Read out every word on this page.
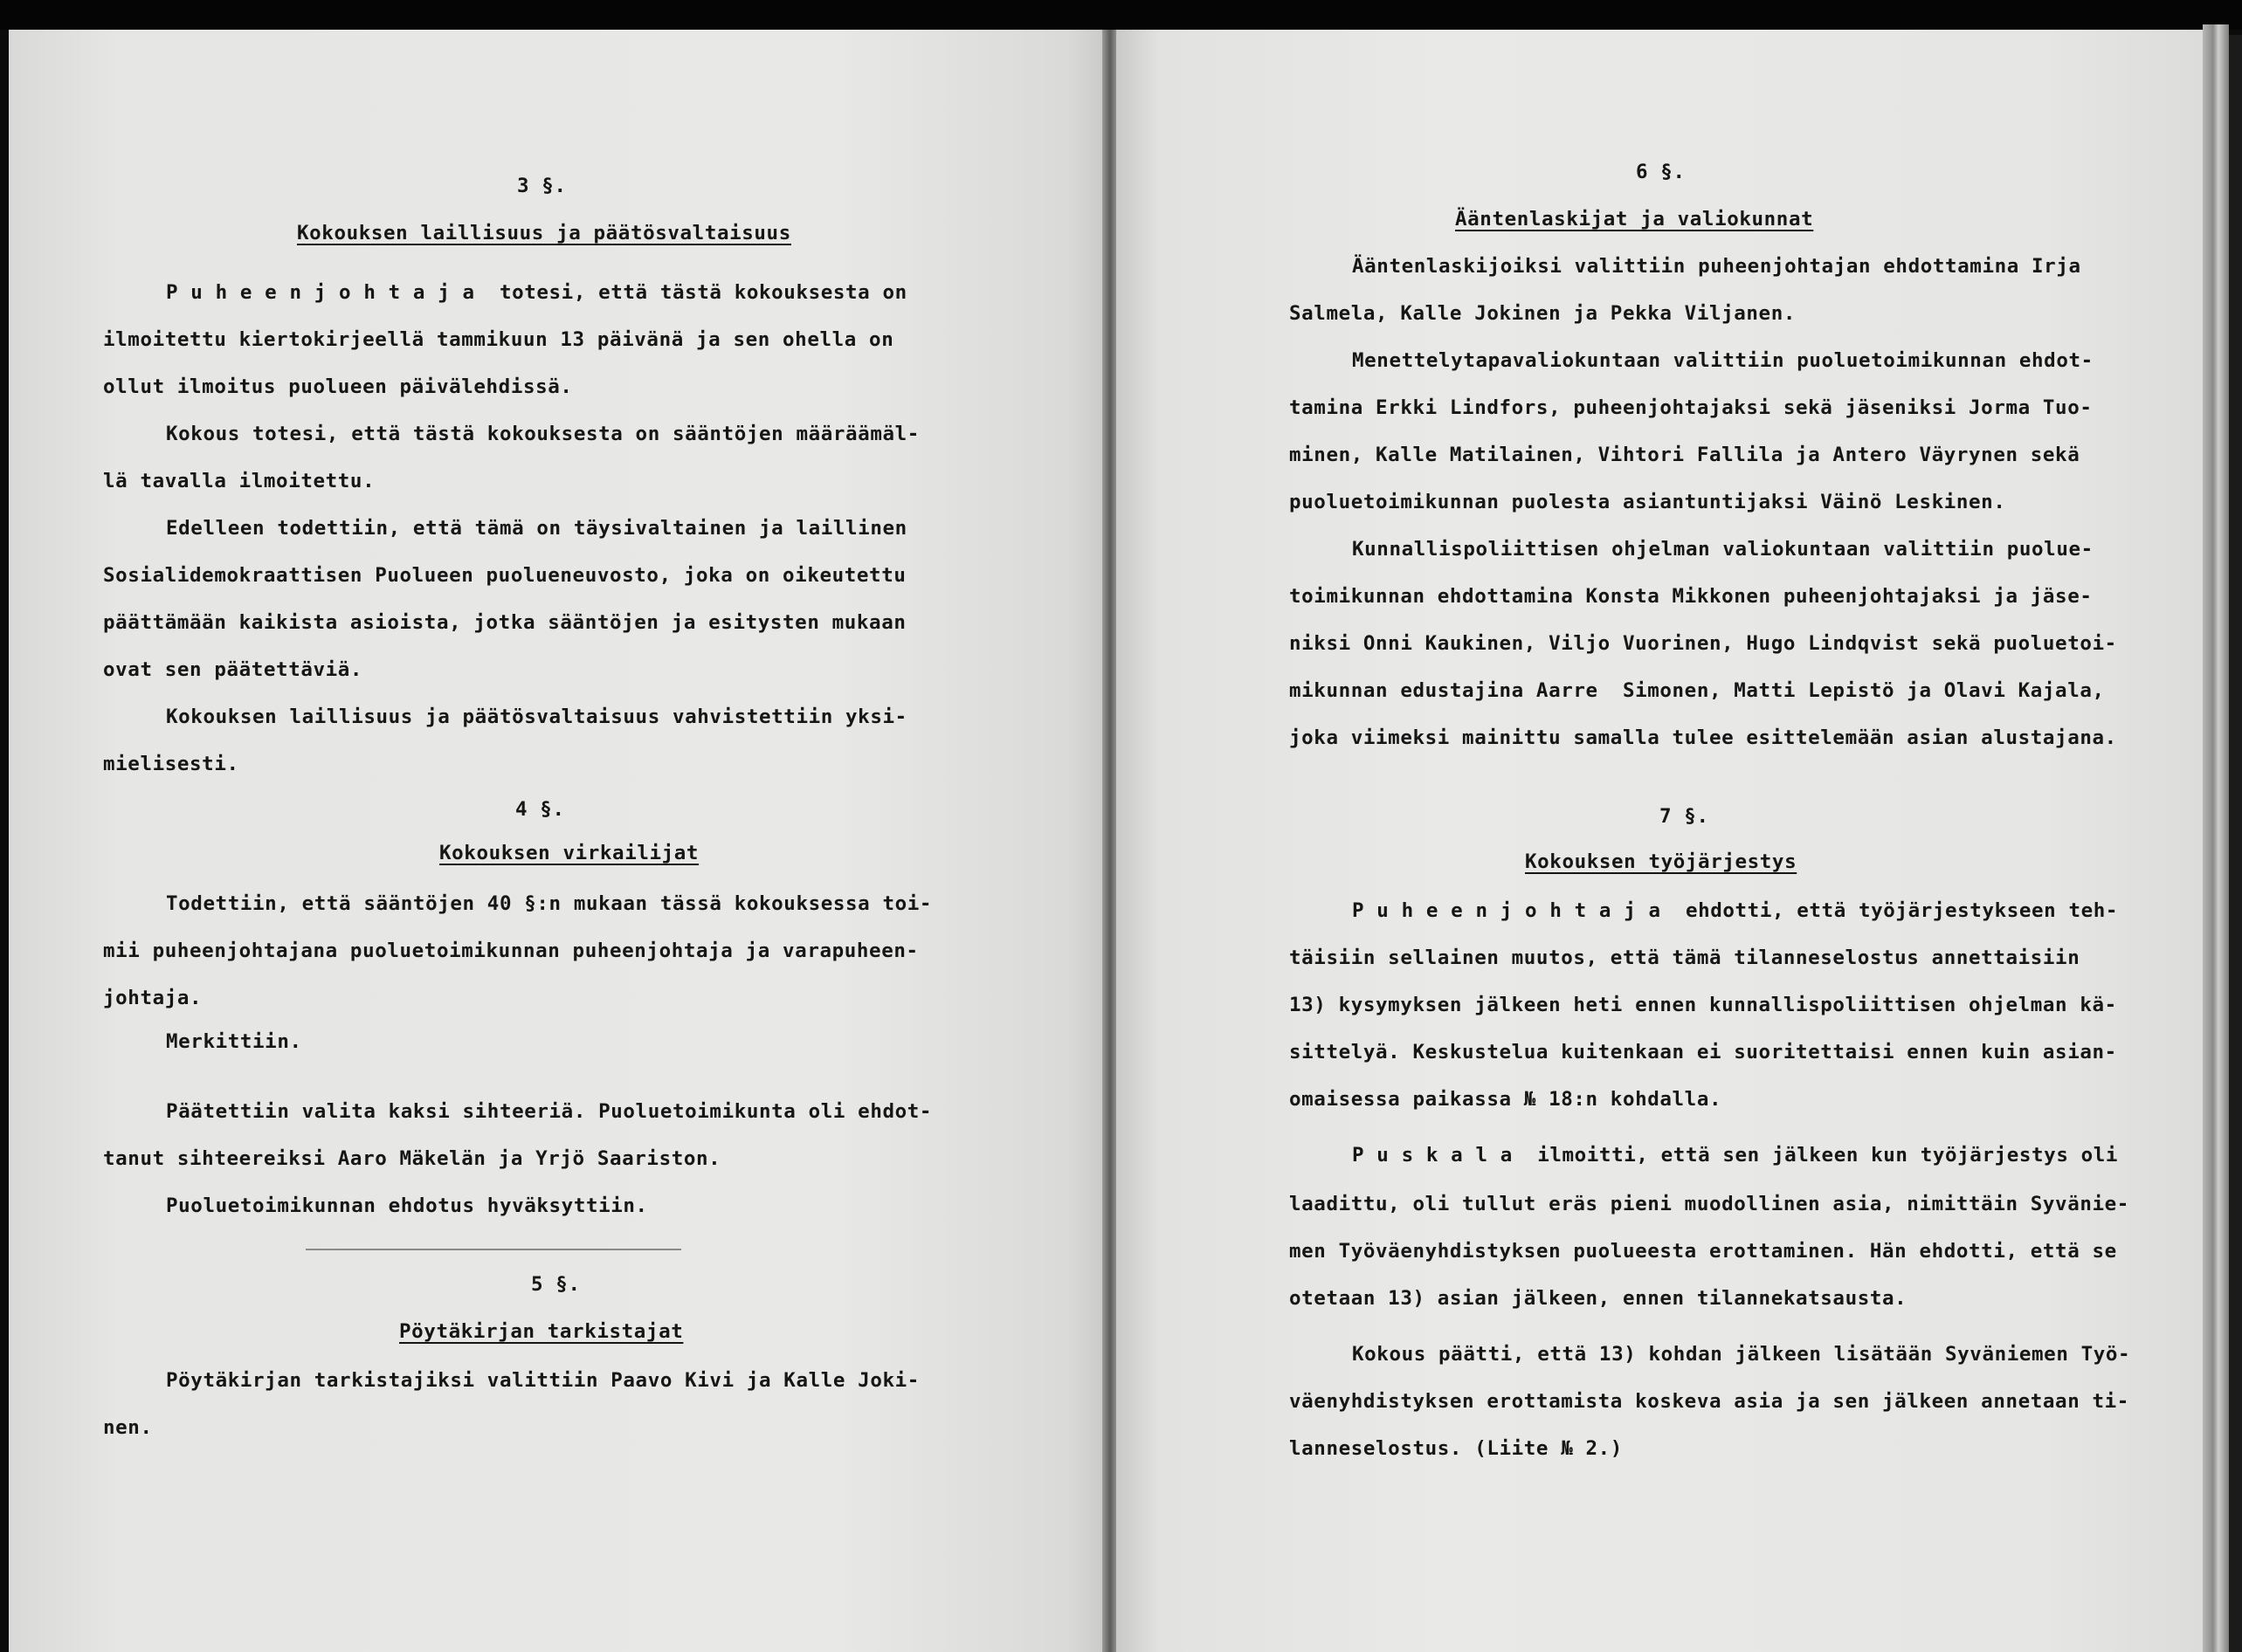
3 §.
Kokouksen laillisuus ja päätösvaltaisuus
P u h e e n j o h t a j a  totesi, että tästä kokouksesta on
ilmoitettu kiertokirjeellä tammikuun 13 päivänä ja sen ohella on
ollut ilmoitus puolueen päivälehdissä.
Kokous totesi, että tästä kokouksesta on sääntöjen määräämäl-
lä tavalla ilmoitettu.
Edelleen todettiin, että tämä on täysivaltainen ja laillinen
Sosialidemokraattisen Puolueen puolueneuvosto, joka on oikeutettu
päättämään kaikista asioista, jotka sääntöjen ja esitysten mukaan
ovat sen päätettäviä.
Kokouksen laillisuus ja päätösvaltaisuus vahvistettiin yksi-
mielisesti.
4 §.
Kokouksen virkailijat
Todettiin, että sääntöjen 40 §:n mukaan tässä kokouksessa toi-
mii puheenjohtajana puoluetoimikunnan puheenjohtaja ja varapuheen-
johtaja.
Merkittiin.
Päätettiin valita kaksi sihteeriä. Puoluetoimikunta oli ehdot-
tanut sihteereiksi Aaro Mäkelän ja Yrjö Saariston.
Puoluetoimikunnan ehdotus hyväksyttiin.
5 §.
Pöytäkirjan tarkistajat
Pöytäkirjan tarkistajiksi valittiin Paavo Kivi ja Kalle Joki-
nen.
6 §.
Ääntenlaskijat ja valiokunnat
Ääntenlaskijoiksi valittiin puheenjohtajan ehdottamina Irja
Salmela, Kalle Jokinen ja Pekka Viljanen.
Menettelytapavaliokuntaan valittiin puoluetoimikunnan ehdot-
tamina Erkki Lindfors, puheenjohtajaksi sekä jäseniksi Jorma Tuo-
minen, Kalle Matilainen, Vihtori Fallila ja Antero Väyrynen sekä
puoluetoimikunnan puolesta asiantuntijaksi Väinö Leskinen.
Kunnallispoliittisen ohjelman valiokuntaan valittiin puolue-
toimikunnan ehdottamina Konsta Mikkonen puheenjohtajaksi ja jäse-
niksi Onni Kaukinen, Viljo Vuorinen, Hugo Lindqvist sekä puoluetoi-
mikunnan edustajina Aarre  Simonen, Matti Lepistö ja Olavi Kajala,
joka viimeksi mainittu samalla tulee esittelemään asian alustajana.
7 §.
Kokouksen työjärjestys
P u h e e n j o h t a j a  ehdotti, että työjärjestykseen teh-
täisiin sellainen muutos, että tämä tilanneselostus annettaisiin
13) kysymyksen jälkeen heti ennen kunnallispoliittisen ohjelman kä-
sittelyä. Keskustelua kuitenkaan ei suoritettaisi ennen kuin asian-
omaisessa paikassa № 18:n kohdalla.
P u s k a l a  ilmoitti, että sen jälkeen kun työjärjestys oli
laadittu, oli tullut eräs pieni muodollinen asia, nimittäin Syvänie-
men Työväenyhdistyksen puolueesta erottaminen. Hän ehdotti, että se
otetaan 13) asian jälkeen, ennen tilannekatsausta.
Kokous päätti, että 13) kohdan jälkeen lisätään Syväniemen Työ-
väenyhdistyksen erottamista koskeva asia ja sen jälkeen annetaan ti-
lanneselostus. (Liite № 2.)
